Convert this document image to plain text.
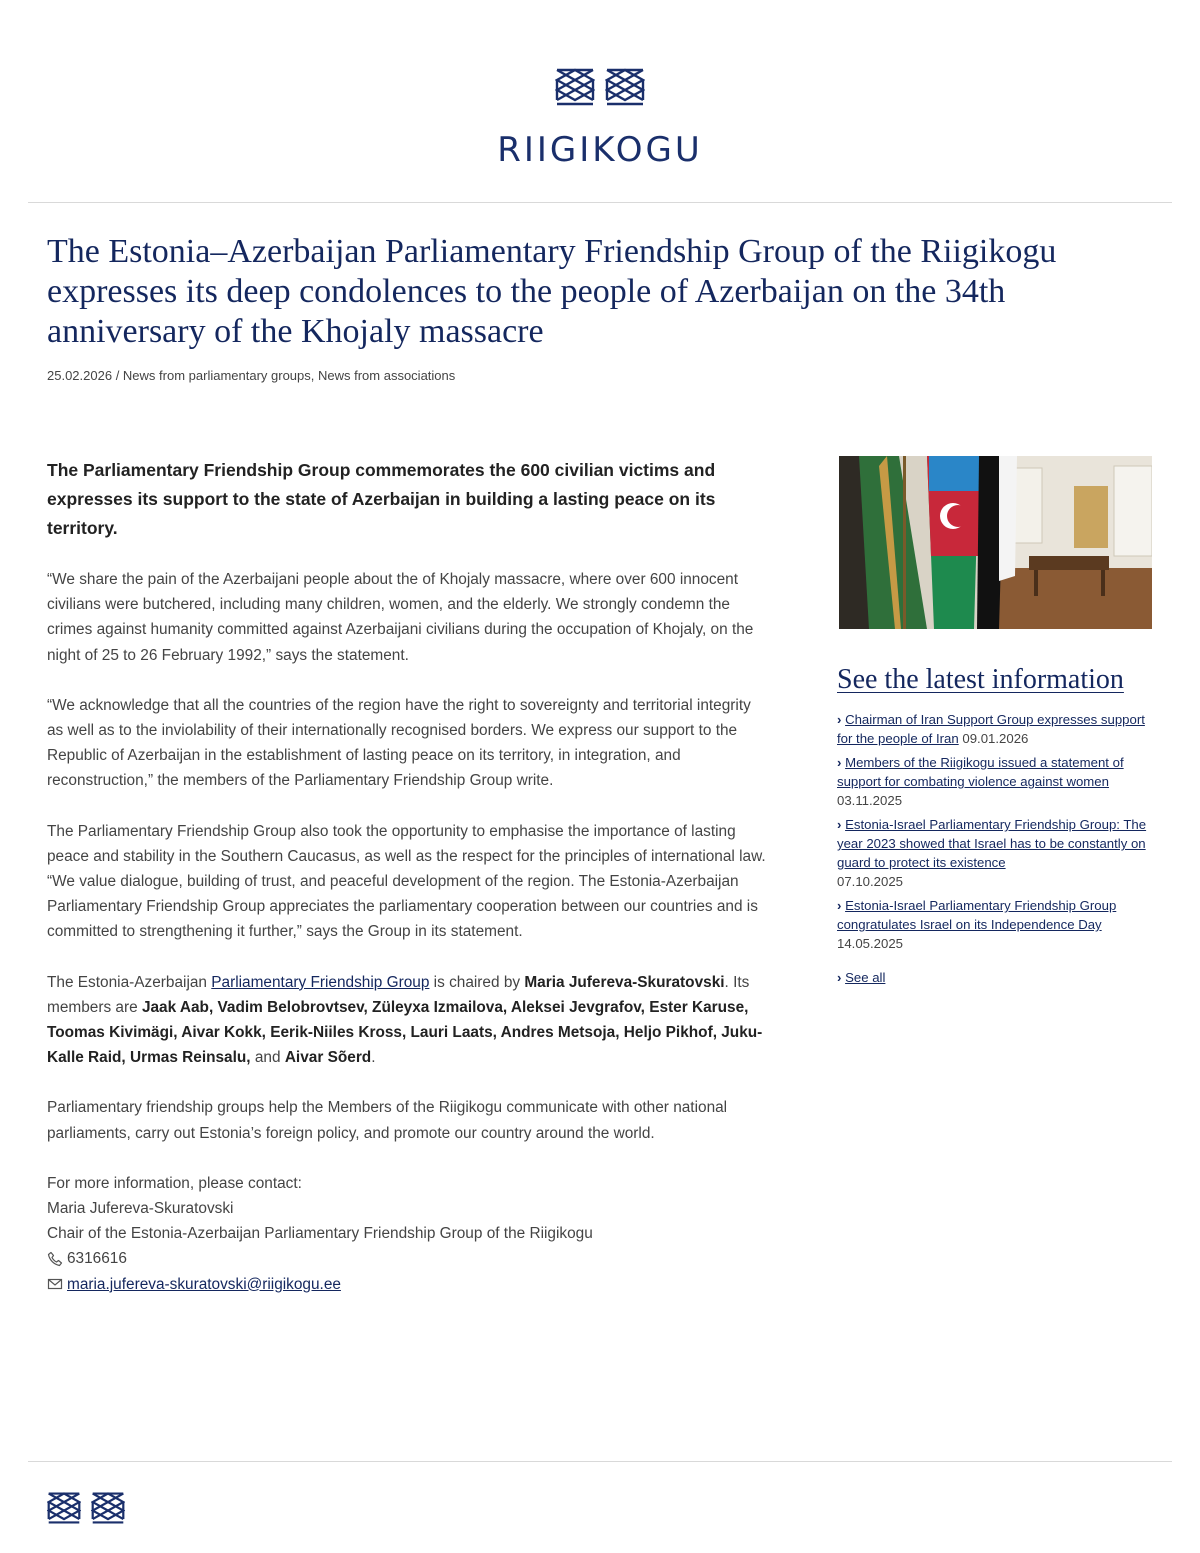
RIIGIKOGU
The Estonia–Azerbaijan Parliamentary Friendship Group of the Riigikogu expresses its deep condolences to the people of Azerbaijan on the 34th anniversary of the Khojaly massacre
25.02.2026 / News from parliamentary groups, News from associations

The Parliamentary Friendship Group commemorates the 600 civilian victims and expresses its support to the state of Azerbaijan in building a lasting peace on its territory.

“We share the pain of the Azerbaijani people about the of Khojaly massacre, where over 600 innocent civilians were butchered, including many children, women, and the elderly. We strongly condemn the crimes against humanity committed against Azerbaijani civilians during the occupation of Khojaly, on the night of 25 to 26 February 1992,” says the statement.

“We acknowledge that all the countries of the region have the right to sovereignty and territorial integrity as well as to the inviolability of their internationally recognised borders. We express our support to the Republic of Azerbaijan in the establishment of lasting peace on its territory, in integration, and reconstruction,” the members of the Parliamentary Friendship Group write.

The Parliamentary Friendship Group also took the opportunity to emphasise the importance of lasting peace and stability in the Southern Caucasus, as well as the respect for the principles of international law. “We value dialogue, building of trust, and peaceful development of the region. The Estonia-Azerbaijan Parliamentary Friendship Group appreciates the parliamentary cooperation between our countries and is committed to strengthening it further,” says the Group in its statement.

The Estonia-Azerbaijan Parliamentary Friendship Group is chaired by Maria Jufereva-Skuratovski. Its members are Jaak Aab, Vadim Belobrovtsev, Züleyxa Izmailova, Aleksei Jevgrafov, Ester Karuse, Toomas Kivimägi, Aivar Kokk, Eerik-Niiles Kross, Lauri Laats, Andres Metsoja, Heljo Pikhof, Juku-Kalle Raid, Urmas Reinsalu, and Aivar Sõerd.

Parliamentary friendship groups help the Members of the Riigikogu communicate with other national parliaments, carry out Estonia’s foreign policy, and promote our country around the world.

For more information, please contact:
Maria Jufereva-Skuratovski
Chair of the Estonia-Azerbaijan Parliamentary Friendship Group of the Riigikogu
6316616
maria.jufereva-skuratovski@riigikogu.ee
See the latest information
› Chairman of Iran Support Group expresses support for the people of Iran 09.01.2026
› Members of the Riigikogu issued a statement of support for combating violence against women 03.11.2025
› Estonia-Israel Parliamentary Friendship Group: The year 2023 showed that Israel has to be constantly on guard to protect its existence
07.10.2025
› Estonia-Israel Parliamentary Friendship Group congratulates Israel on its Independence Day
14.05.2025
› See all
